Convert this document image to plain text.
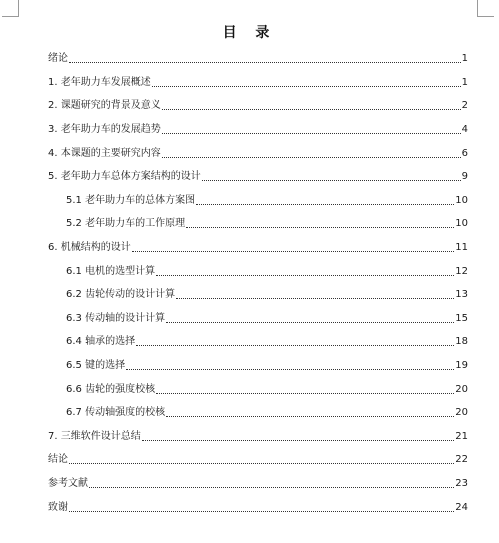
目 录
绪论	1
1. 老年助力车发展概述	1
2. 课题研究的背景及意义	2
3. 老年助力车的发展趋势	4
4. 本课题的主要研究内容	6
5. 老年助力车总体方案结构的设计	9
5.1 老年助力车的总体方案图	10
5.2 老年助力车的工作原理	10
6. 机械结构的设计	11
6.1 电机的选型计算	12
6.2 齿轮传动的设计计算	13
6.3 传动轴的设计计算	15
6.4 轴承的选择	18
6.5 键的选择	19
6.6 齿轮的强度校核	20
6.7 传动轴强度的校核	20
7. 三维软件设计总结	21
结论	22
参考文献	23
致谢	24
